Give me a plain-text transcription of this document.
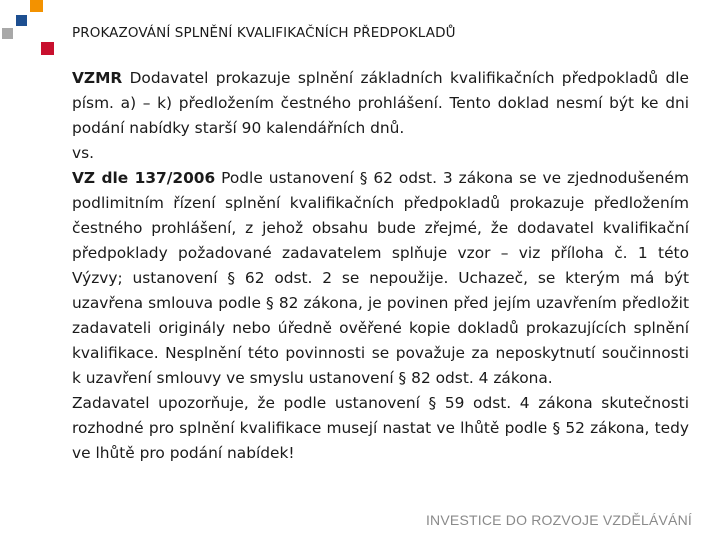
PROKAZOVÁNÍ SPLNĚNÍ KVALIFIKAČNÍCH PŘEDPOKLADŮ

VZMR Dodavatel prokazuje splnění základních kvalifikačních předpokladů dle písm. a) – k) předložením čestného prohlášení. Tento doklad nesmí být ke dni podání nabídky starší 90 kalendářních dnů.

vs.

VZ dle 137/2006 Podle ustanovení § 62 odst. 3 zákona se ve zjednodušeném podlimitním řízení splnění kvalifikačních předpokladů prokazuje předložením čestného prohlášení, z jehož obsahu bude zřejmé, že dodavatel kvalifikační předpoklady požadované zadavatelem splňuje vzor – viz příloha č. 1 této Výzvy; ustanovení § 62 odst. 2 se nepoužije. Uchazeč, se kterým má být uzavřena smlouva podle § 82 zákona, je povinen před jejím uzavřením předložit zadavateli originály nebo úředně ověřené kopie dokladů prokazujících splnění kvalifikace. Nesplnění této povinnosti se považuje za neposkytnutí součinnosti k uzavření smlouvy ve smyslu ustanovení § 82 odst. 4 zákona.

Zadavatel upozorňuje, že podle ustanovení § 59 odst. 4 zákona skutečnosti rozhodné pro splnění kvalifikace musejí nastat ve lhůtě podle § 52 zákona, tedy ve lhůtě pro podání nabídek!

INVESTICE DO ROZVOJE VZDĚLÁVÁNÍ
